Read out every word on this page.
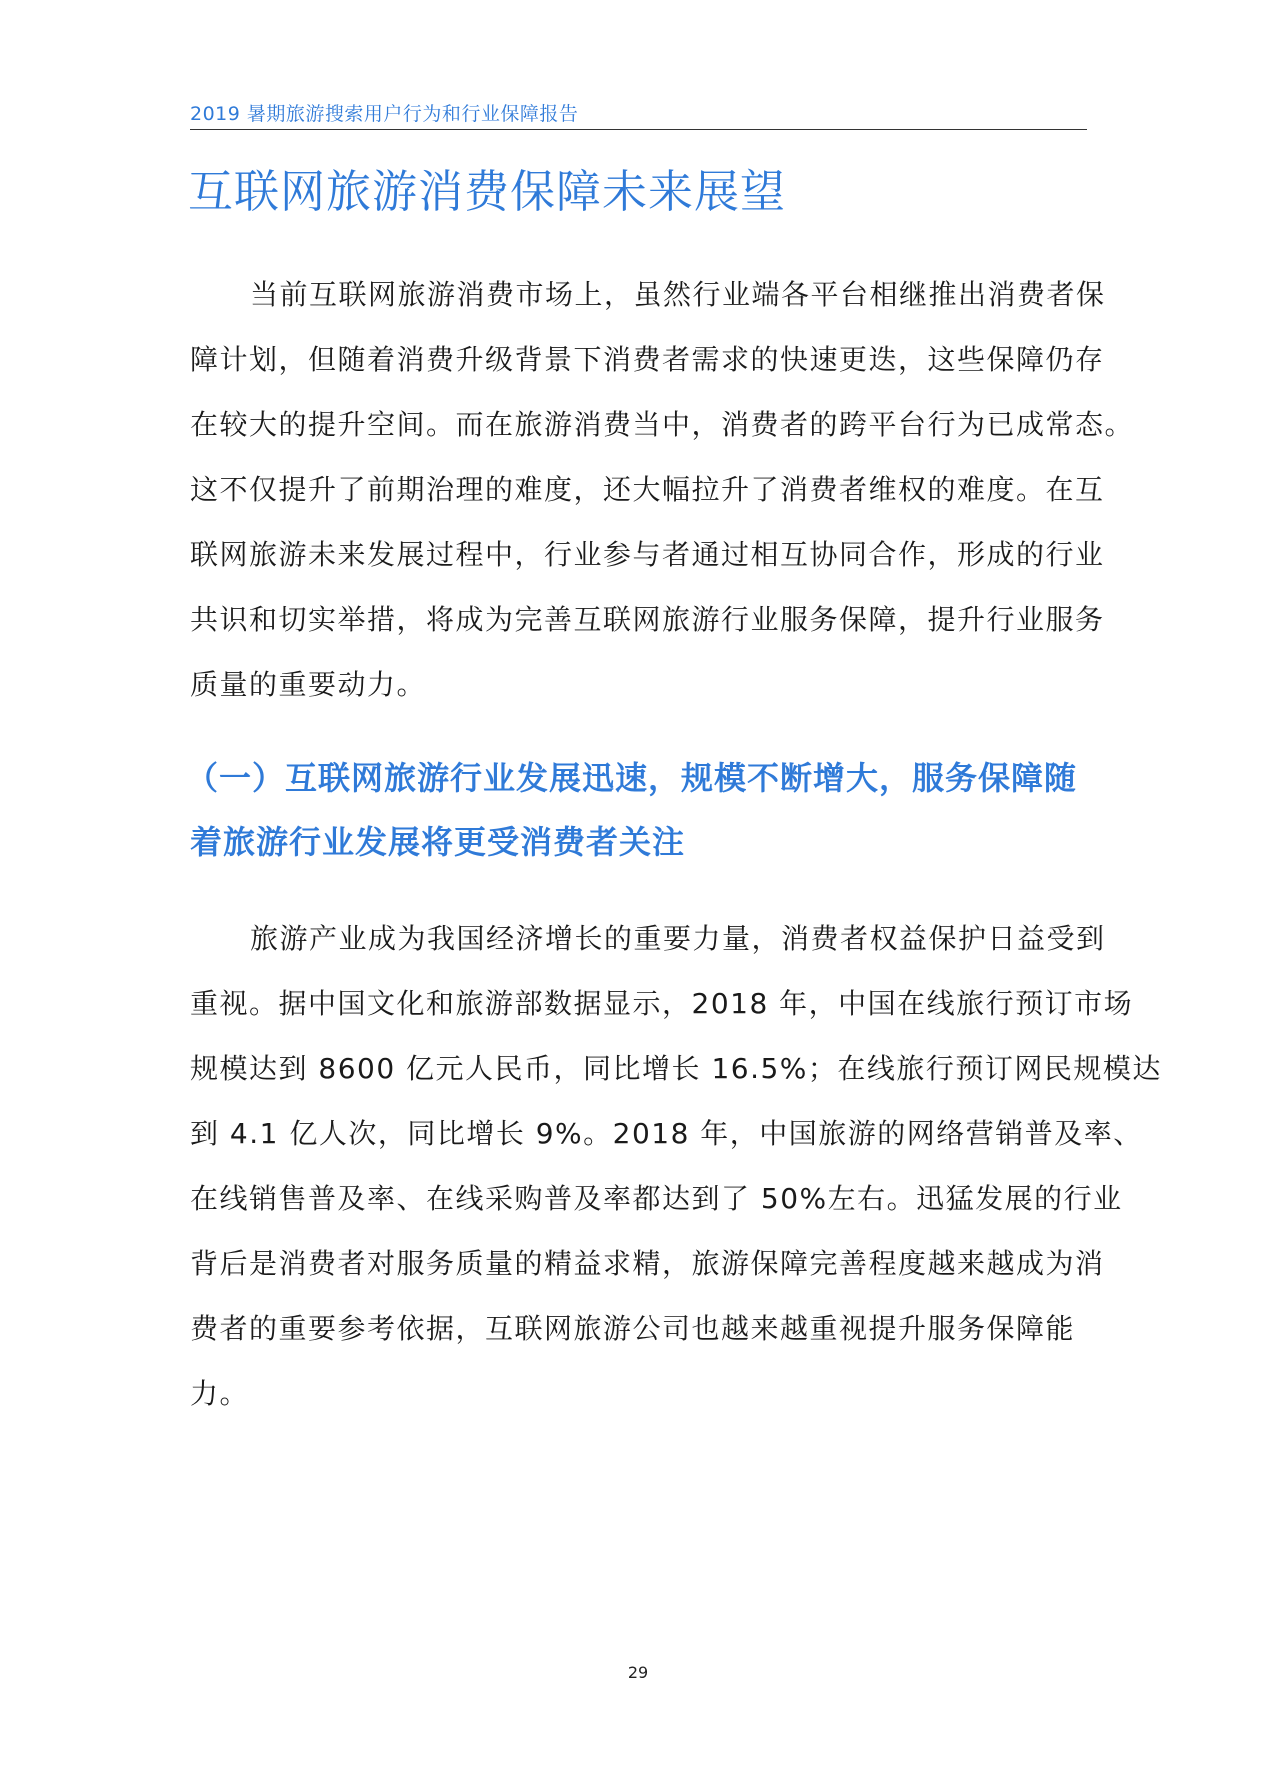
2019 暑期旅游搜索用户行为和行业保障报告
互联网旅游消费保障未来展望
当前互联网旅游消费市场上，虽然行业端各平台相继推出消费者保
障计划，但随着消费升级背景下消费者需求的快速更迭，这些保障仍存
在较大的提升空间。而在旅游消费当中，消费者的跨平台行为已成常态。
这不仅提升了前期治理的难度，还大幅拉升了消费者维权的难度。在互
联网旅游未来发展过程中，行业参与者通过相互协同合作，形成的行业
共识和切实举措，将成为完善互联网旅游行业服务保障，提升行业服务
质量的重要动力。
（一）互联网旅游行业发展迅速，规模不断增大，服务保障随
着旅游行业发展将更受消费者关注
旅游产业成为我国经济增长的重要力量，消费者权益保护日益受到
重视。据中国文化和旅游部数据显示，2018 年，中国在线旅行预订市场
规模达到 8600 亿元人民币，同比增长 16.5%；在线旅行预订网民规模达
到 4.1 亿人次，同比增长 9%。2018 年，中国旅游的网络营销普及率、
在线销售普及率、在线采购普及率都达到了 50%左右。迅猛发展的行业
背后是消费者对服务质量的精益求精，旅游保障完善程度越来越成为消
费者的重要参考依据，互联网旅游公司也越来越重视提升服务保障能
力。
29
